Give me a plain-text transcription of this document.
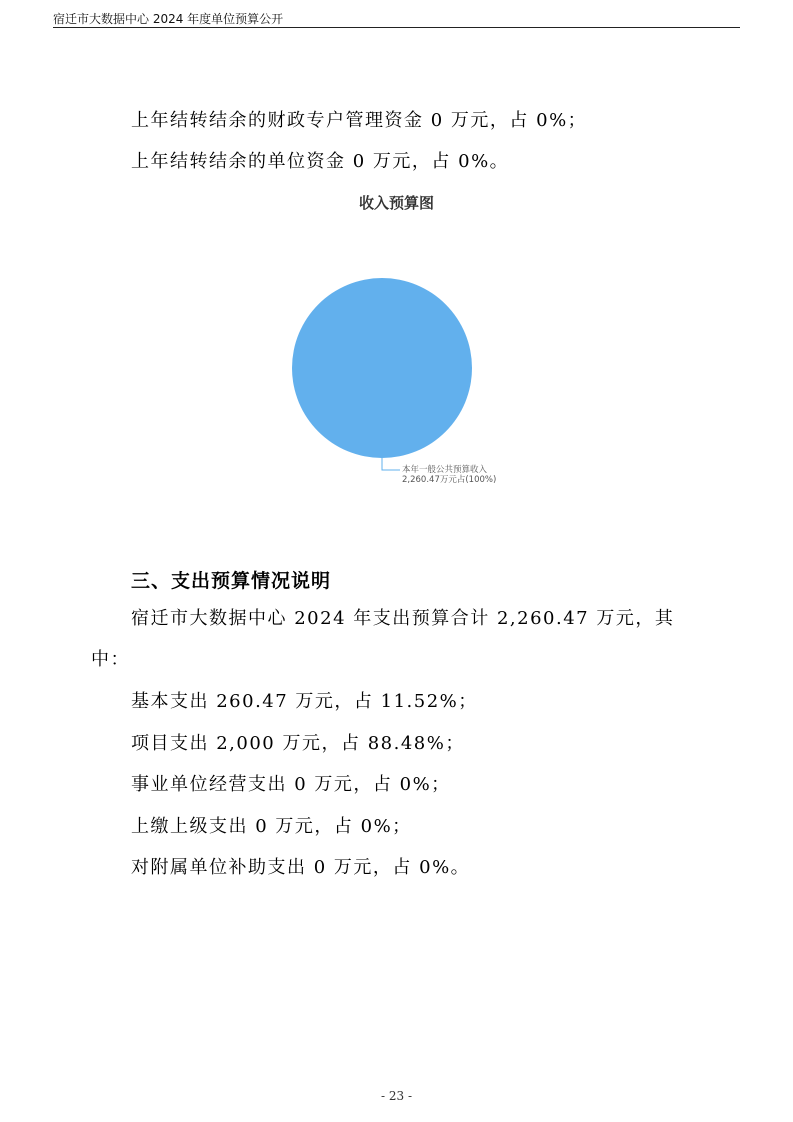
宿迁市大数据中心 2024 年度单位预算公开
上年结转结余的财政专户管理资金 0 万元，占 0%；
上年结转结余的单位资金 0 万元，占 0%。
收入预算图
本年一般公共预算收入
2,260.47万元占(100%)
三、支出预算情况说明
宿迁市大数据中心 2024 年支出预算合计 2,260.47 万元，其
中：
基本支出 260.47 万元，占 11.52%；
项目支出 2,000 万元，占 88.48%；
事业单位经营支出 0 万元，占 0%；
上缴上级支出 0 万元，占 0%；
对附属单位补助支出 0 万元，占 0%。
- 23 -
